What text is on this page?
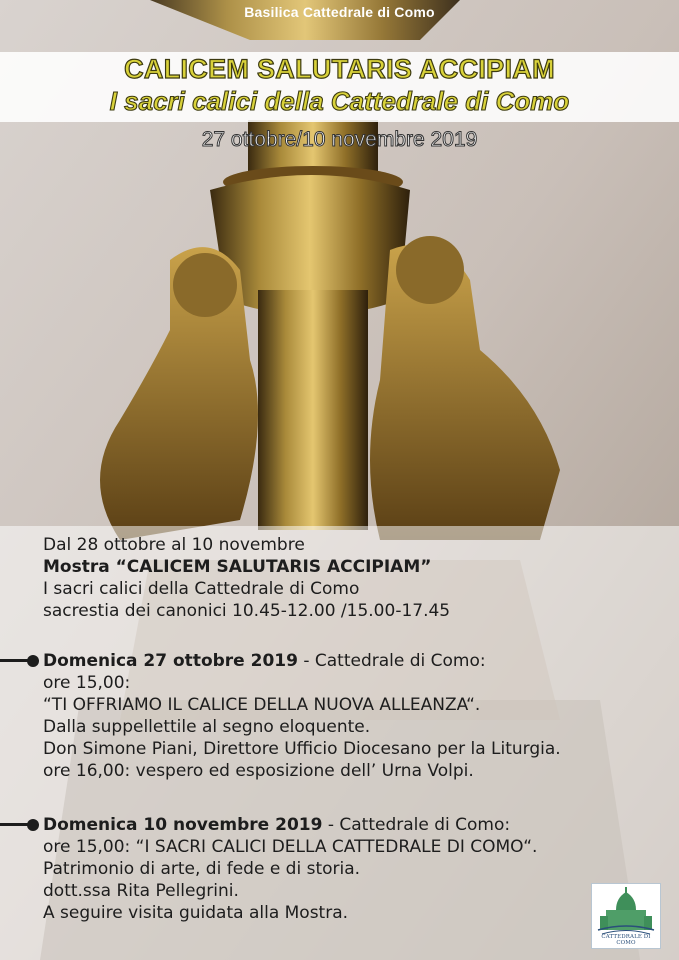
Basilica Cattedrale di Como
CALICEM SALUTARIS ACCIPIAM
I sacri calici della Cattedrale di Como
27 ottobre/10 novembre 2019
Dal 28 ottobre al 10 novembre
Mostra “CALICEM SALUTARIS ACCIPIAM”
I sacri calici della Cattedrale di Como
sacrestia dei canonici 10.45-12.00 /15.00-17.45
Domenica 27 ottobre 2019 - Cattedrale di Como:
ore 15,00:
“TI OFFRIAMO IL CALICE DELLA NUOVA ALLEANZA“.
Dalla suppellettile al segno eloquente.
Don Simone Piani, Direttore Ufficio Diocesano per la Liturgia.
ore 16,00: vespero ed esposizione dell’ Urna Volpi.
Domenica 10 novembre 2019 - Cattedrale di Como:
ore 15,00: “I SACRI CALICI DELLA CATTEDRALE DI COMO“.
Patrimonio di arte, di fede e di storia.
dott.ssa Rita Pellegrini.
A seguire visita guidata alla Mostra.
CATTEDRALE DI COMO
